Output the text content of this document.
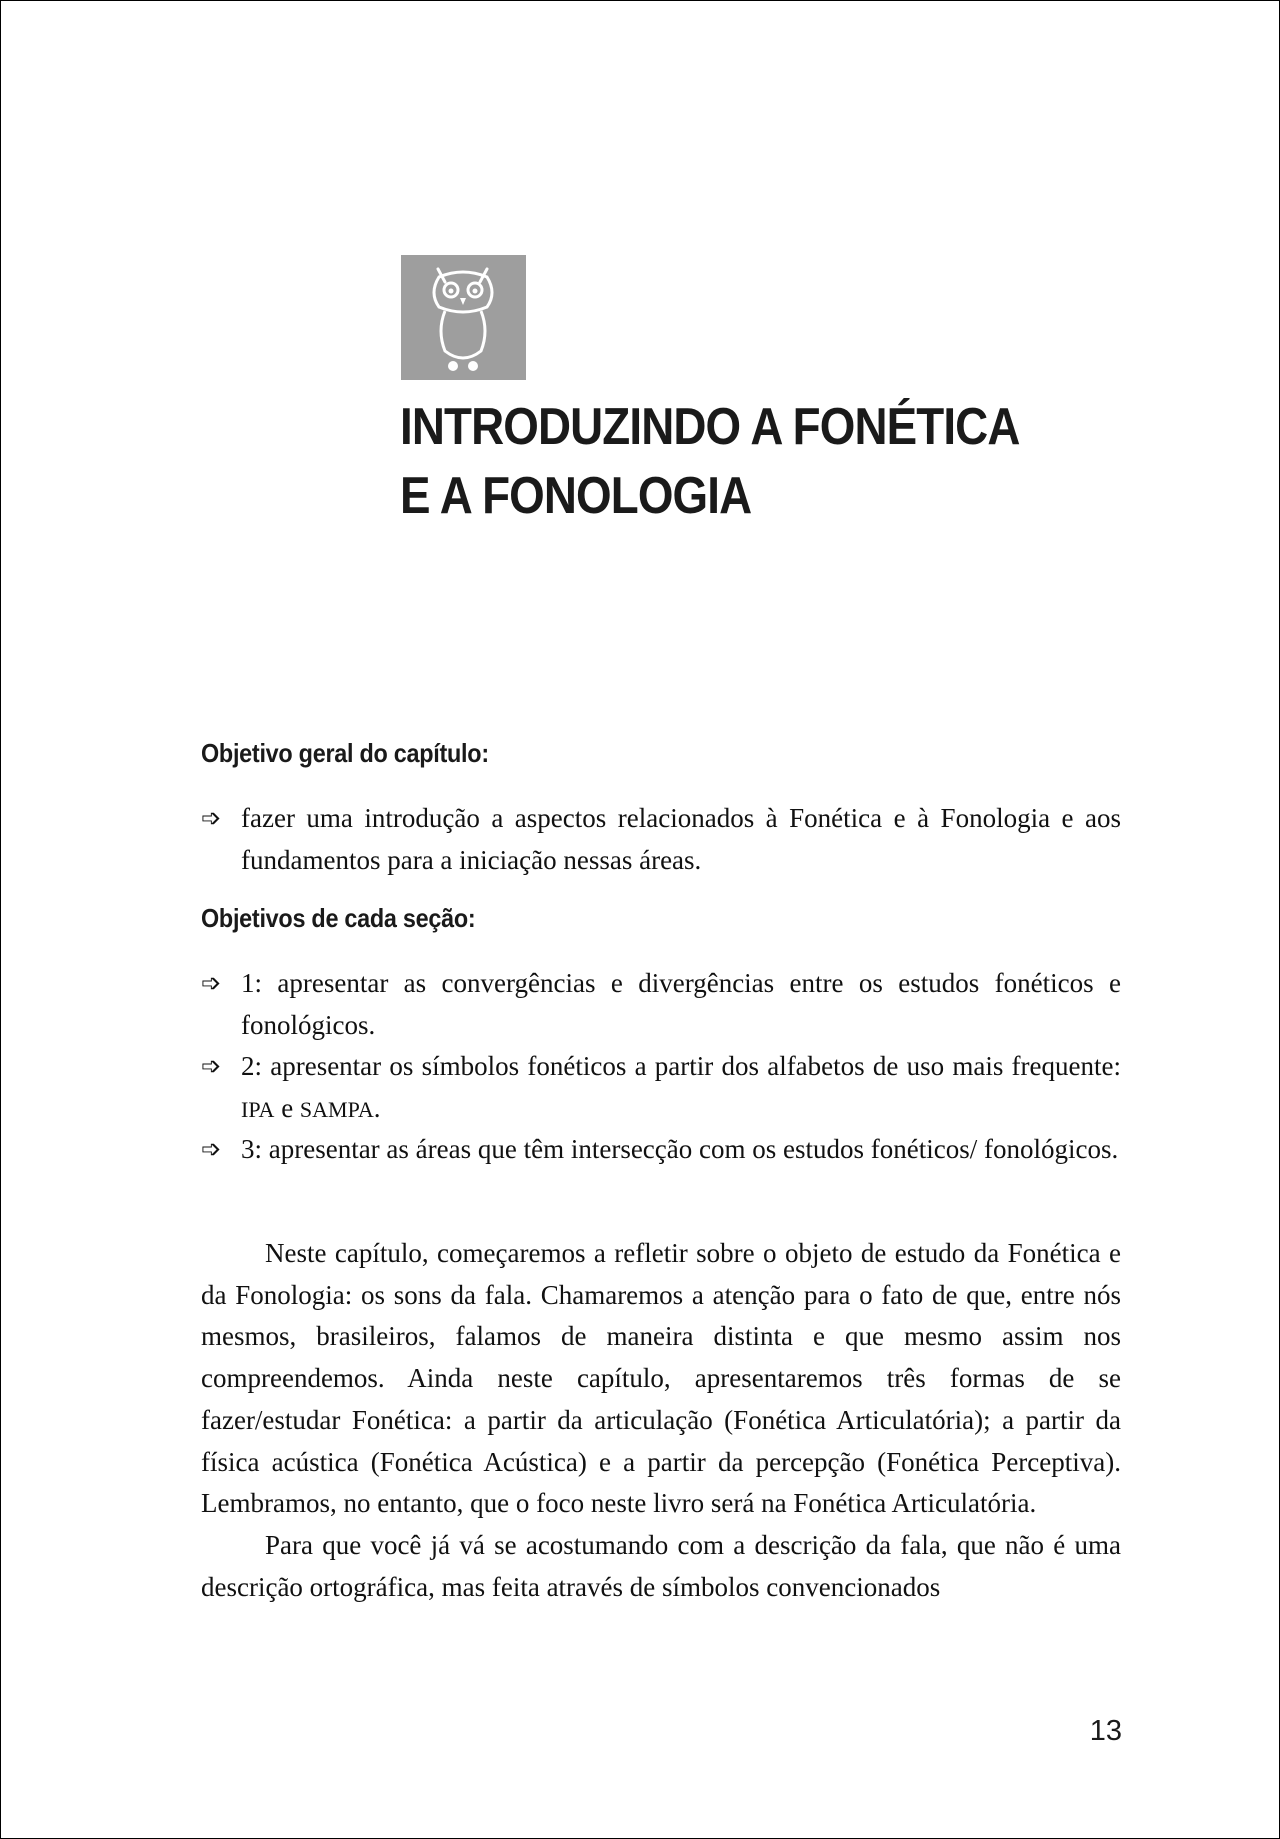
INTRODUZINDO A FONÉTICA
E A FONOLOGIA
Objetivo geral do capítulo:
➩ fazer uma introdução a aspectos relacionados à Fonética e à Fonologia e aos fundamentos para a iniciação nessas áreas.
Objetivos de cada seção:
➩ 1: apresentar as convergências e divergências entre os estudos fonéticos e fonológicos.
➩ 2: apresentar os símbolos fonéticos a partir dos alfabetos de uso mais frequente: IPA e SAMPA.
➩ 3: apresentar as áreas que têm intersecção com os estudos fonéticos/ fonológicos.

Neste capítulo, começaremos a refletir sobre o objeto de estudo da Fonética e da Fonologia: os sons da fala. Chamaremos a atenção para o fato de que, entre nós mesmos, brasileiros, falamos de maneira distinta e que mesmo assim nos compreendemos. Ainda neste capítulo, apresentaremos três formas de se fazer/estudar Fonética: a partir da articulação (Fonética Articulatória); a partir da física acústica (Fonética Acústica) e a partir da percepção (Fonética Perceptiva). Lembramos, no entanto, que o foco neste livro será na Fonética Articulatória.

Para que você já vá se acostumando com a descrição da fala, que não é uma descrição ortográfica, mas feita através de símbolos convencionados

13
